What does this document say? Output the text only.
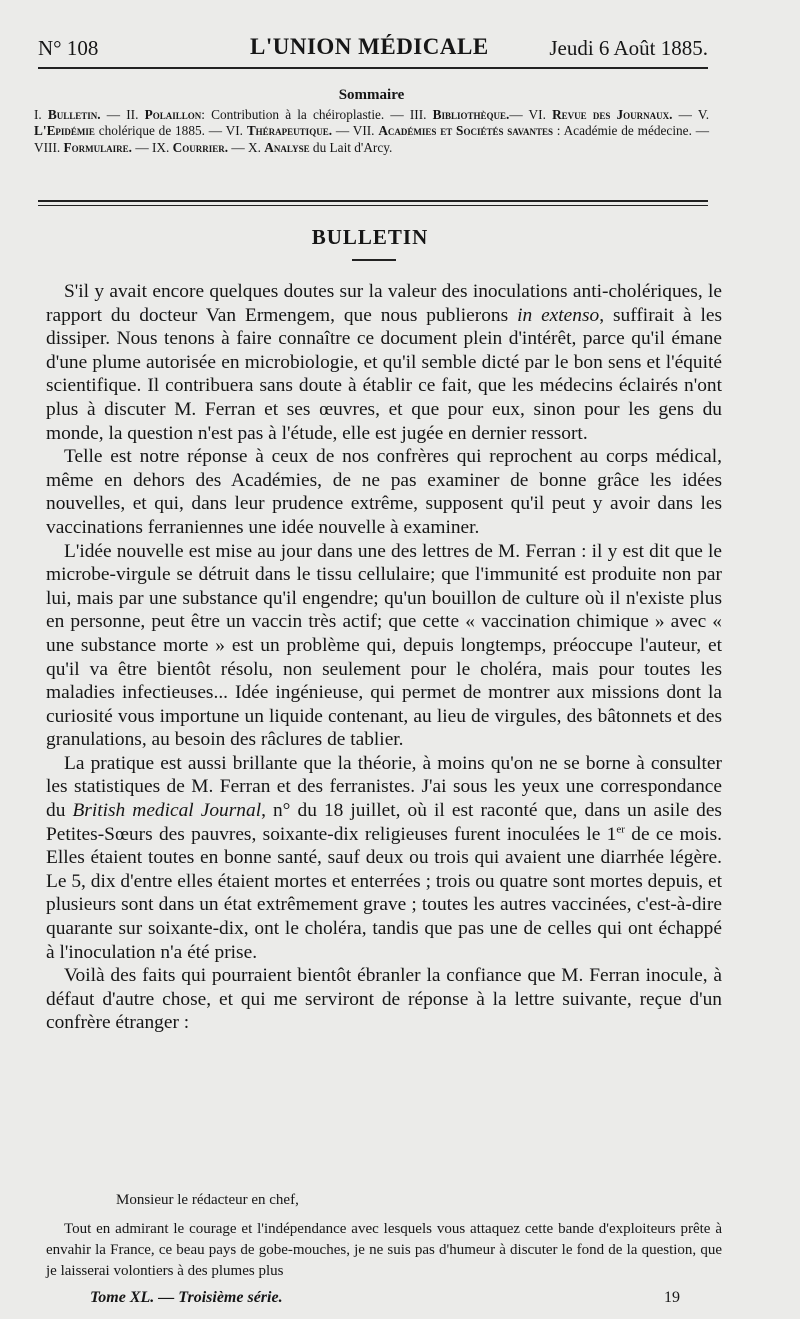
N° 108	L'UNION MÉDICALE	Jeudi 6 Août 1885.
Sommaire

I. Bulletin. — II. Polaillon: Contribution à la chéiroplastie. — III. Bibliothèque.— VI. Revue des Journaux. — V. L'Epidémie cholérique de 1885. — VI. Thérapeutique. — VII. Académies et Sociétés savantes : Académie de médecine. — VIII. Formulaire. — IX. Courrier. — X. Analyse du Lait d'Arcy.

BULLETIN

S'il y avait encore quelques doutes sur la valeur des inoculations anti-cholériques, le rapport du docteur Van Ermengem, que nous publierons in extenso, suffirait à les dissiper. Nous tenons à faire connaître ce document plein d'intérêt, parce qu'il émane d'une plume autorisée en microbiologie, et qu'il semble dicté par le bon sens et l'équité scientifique. Il contribuera sans doute à établir ce fait, que les médecins éclairés n'ont plus à discuter M. Ferran et ses œuvres, et que pour eux, sinon pour les gens du monde, la question n'est pas à l'étude, elle est jugée en dernier ressort.

Telle est notre réponse à ceux de nos confrères qui reprochent au corps médical, même en dehors des Académies, de ne pas examiner de bonne grâce les idées nouvelles, et qui, dans leur prudence extrême, supposent qu'il peut y avoir dans les vaccinations ferraniennes une idée nouvelle à examiner.

L'idée nouvelle est mise au jour dans une des lettres de M. Ferran : il y est dit que le microbe-virgule se détruit dans le tissu cellulaire; que l'immunité est produite non par lui, mais par une substance qu'il engendre; qu'un bouillon de culture où il n'existe plus en personne, peut être un vaccin très actif; que cette « vaccination chimique » avec « une substance morte » est un problème qui, depuis longtemps, préoccupe l'auteur, et qu'il va être bientôt résolu, non seulement pour le choléra, mais pour toutes les maladies infectieuses... Idée ingénieuse, qui permet de montrer aux missions dont la curiosité vous importune un liquide contenant, au lieu de virgules, des bâtonnets et des granulations, au besoin des râclures de tablier.

La pratique est aussi brillante que la théorie, à moins qu'on ne se borne à consulter les statistiques de M. Ferran et des ferranistes. J'ai sous les yeux une correspondance du British medical Journal, n° du 18 juillet, où il est raconté que, dans un asile des Petites-Sœurs des pauvres, soixante-dix religieuses furent inoculées le 1er de ce mois. Elles étaient toutes en bonne santé, sauf deux ou trois qui avaient une diarrhée légère. Le 5, dix d'entre elles étaient mortes et enterrées ; trois ou quatre sont mortes depuis, et plusieurs sont dans un état extrêmement grave ; toutes les autres vaccinées, c'est-à-dire quarante sur soixante-dix, ont le choléra, tandis que pas une de celles qui ont échappé à l'inoculation n'a été prise.

Voilà des faits qui pourraient bientôt ébranler la confiance que M. Ferran inocule, à défaut d'autre chose, et qui me serviront de réponse à la lettre suivante, reçue d'un confrère étranger :

Monsieur le rédacteur en chef,
Tout en admirant le courage et l'indépendance avec lesquels vous attaquez cette bande d'exploiteurs prête à envahir la France, ce beau pays de gobe-mouches, je ne suis pas d'humeur à discuter le fond de la question, que je laisserai volontiers à des plumes plus
Tome XL. — Troisième série.	19
